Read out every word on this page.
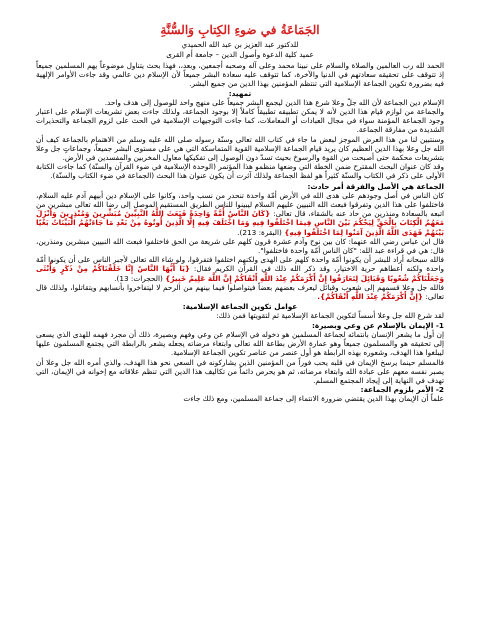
الجَمَاعَةُ في ضوءِ الكِتابِ وَالسُّنَّةِ
للدكتور عبد العزيز بن عبد الله الحميدي
عميد كلية الدعوة وأصول الدين – جامعة أم القرى

الحمد لله رب العالمين والصلاة والسلام على نبينا محمد وعلى آله وصحبه أجمعين، وبعد،، فهذا بحث يتناول موضوعاً يهم المسلمين جميعاً إذ تتوقف على تحقيقه سعادتهم في الدنيا والآخرة، كما تتوقف عليه سعادة البشر جميعاً لأن الإسلام دين عالمي وقد جاءت الأوامر الإلهية فيه بضرورة تكوين الجماعة الإسلامية التي تنتظم المؤمنين بهذا الدين من جميع البشر.

تمهيد:

الإسلام دين الجماعة لأن الله جلّ وعلا شرع هذا الدين ليجمع البشر جميعاً على منهج واحد للوصول إلى هدف واحد.

والجماعة من لوازم قيام هذا الدين لأنه لا يمكن تطبيقه تطبيقاً كاملاً إلا بوجود الجماعة، ولذلك جاءت بعض تشريعات الإسلام على اعتبار وجود الجماعة المؤمنة سواء في مجال العبادات أو المعاملات، كما جاءت التوجيهات الإسلامية في الحث على لزوم الجماعة والتحذيرات الشديدة من مفارقة الجماعة.

وسنتبين لنا من هذا العرض الموجز لبعض ما جاء في كتاب الله تعالى وسنّة رسوله صلى الله عليه وسلم من الاهتمام بالجماعة كيف أن الله جل وعلا بهذا الدين العظيم كان يريد قيام الجماعة الإسلامية القوية المتماسكة التي هي على مستوى البشر جميعاً، وجماعاتٍ جل وعلا بتشريعات محكمة حتى أصبحت من القوة والرسوخ بحيث تسدّ دون الوصول إلى تفكيكها معاول المخربين والمفسدين في الأرض.

وقد كان عنوان البحث المقترح ضمن الخطة التي وضعها منظمو هذا المؤتمر (الوحدة الإسلامية في ضوء القرآن والسنّة) كما جاءت الكتابة الأولى على ذكر في الكتاب والسنّة كثيراً هو لفظ الجماعة ولذلك آثرت أن يكون عنوان هذا البحث (الجماعة في ضوء الكتاب والسنّة).

الجماعة هي الأصل والفرقة أمر حادث:

كان الناس في أصل وجودهم على هدى الله في الأرض أمّة واحدة تنحدر من نسب واحد، وكانوا على الإسلام دين أبيهم آدم عليه السلام، فاختلفوا على هذا الدين وتفرقوا فبعث الله النبيين عليهم السلام ليبينوا للناس الطريق المستقيم الموصل إلى رضا الله تعالى مبشرين من اتبعه بالسعادة ومنذرين من حاد عنه بالشقاء، قال تعالى: {كَانَ النَّاسُ أُمَّةً وَاحِدَةً فَبَعَثَ اللَّهُ النَّبِيِّينَ مُبَشِّرِينَ وَمُنْذِرِينَ وَأَنْزَلَ مَعَهُمُ الْكِتَابَ بِالْحَقِّ لِيَحْكُمَ بَيْنَ النَّاسِ فِيمَا اخْتَلَفُوا فِيهِ وَمَا اخْتَلَفَ فِيهِ إِلَّا الَّذِينَ أُوتُوهُ مِنْ بَعْدِ مَا جَاءَتْهُمُ الْبَيِّنَاتُ بَغْيًا بَيْنَهُمْ فَهَدَى اللَّهُ الَّذِينَ آمَنُوا لِمَا اخْتَلَفُوا فِيهِ} (البقرة: 213).

قال ابن عباس رضي الله عنهما: كان بين نوح وآدم عشرة قرون كلهم على شريعة من الحق فاختلفوا فبعث الله النبيين مبشرين ومنذرين، قال: هي في قراءة عبد الله: "كان الناس أمّة واحدة فاختلفوا".

فالله سبحانه أراد للبشر أن يكونوا أمّة واحدة كلهم على الهدى ولكنهم اختلفوا فتفرقوا، ولو شاء الله تعالى لأجبر الناس على أن يكونوا أمّة واحدة ولكنه أعطاهم حرية الاختيار، وقد ذكر الله ذلك في القرآن الكريم فقال: {يَا أَيُّهَا النَّاسُ إِنَّا خَلَقْنَاكُمْ مِنْ ذَكَرٍ وَأُنْثَى وَجَعَلْنَاكُمْ شُعُوبًا وَقَبَائِلَ لِتَعَارَفُوا إِنَّ أَكْرَمَكُمْ عِنْدَ اللَّهِ أَتْقَاكُمْ إِنَّ اللَّهَ عَلِيمٌ خَبِيرٌ} (الحجرات: 13).

فالله جل وعلا قسمهم إلى شعوب وقبائل ليعرف بعضهم بعضاً فيتواصلوا فيما بينهم من الرحم لا ليتفاخروا بأنسابهم ويتقاتلوا، ولذلك قال تعالى: {إِنَّ أَكْرَمَكُمْ عِنْدَ اللَّهِ أَتْقَاكُمْ}.

عوامل تكوين الجماعة الإسلامية:

لقد شرع الله جل وعلا أسساً لتكوين الجماعة الإسلامية ثم لتقويتها فمن ذلك:

1- الإيمان بالإسلام عن وعي وبصيرة:

إن أول ما يشعر الإنسان بانتمائه لجماعة المسلمين هو دخوله في الإسلام عن وعي وفهم وبصيرة، ذلك أن مجرد فهمه للهدى الذي يسعى إلى تحقيقه هو والمسلمون جميعاً وهو عمارة الأرض بطاعة الله تعالى وابتغاء مرضاته يجعله يشعر بالرابطة التي يجتمع المسلمون عليها ليبلغوا هذا الهدف، وشعوره بهذه الرابطة هو أول عنصر من عناصر تكوين الجماعة الإسلامية.

فالمسلم حينما يرسخ الإيمان في قلبه يحب فوراً من المؤمنين الذين يشاركونه في السعي نحو هذا الهدف، والذي أمره الله جل وعلا أن يصبر نفسه معهم على عبادة الله وابتغاء مرضاته، ثم هو يحرص دائماً من تكاليف هذا الدين التي تنظم علاقاته مع إخوانه في الإيمان، التي تهدف في النهاية إلى إيجاد المجتمع المسلم.

2- الأمر بلزوم الجماعة:

علماً أن الإيمان بهذا الدين يقتضي ضرورة الانتماء إلى جماعة المسلمين، ومع ذلك جاءت
